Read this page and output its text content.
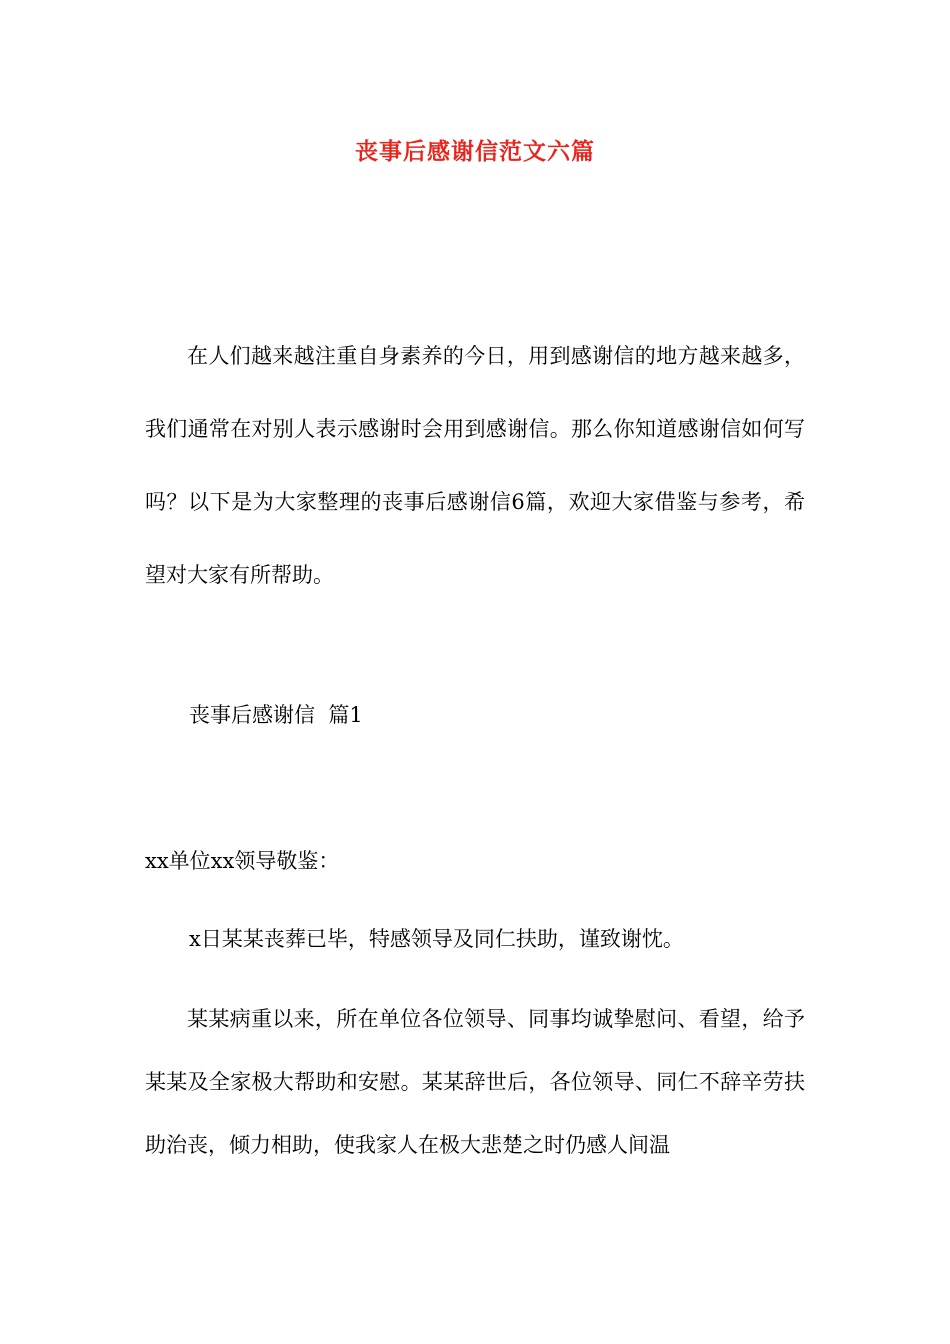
丧事后感谢信范文六篇

在人们越来越注重自身素养的今日，用到感谢信的地方越来越多，我们通常在对别人表示感谢时会用到感谢信。那么你知道感谢信如何写吗？以下是为大家整理的丧事后感谢信6篇，欢迎大家借鉴与参考，希望对大家有所帮助。

丧事后感谢信  篇1

xx单位xx领导敬鉴：

x日某某丧葬已毕，特感领导及同仁扶助，谨致谢忱。

某某病重以来，所在单位各位领导、同事均诚挚慰问、看望，给予某某及全家极大帮助和安慰。某某辞世后，各位领导、同仁不辞辛劳扶助治丧，倾力相助，使我家人在极大悲楚之时仍感人间温
